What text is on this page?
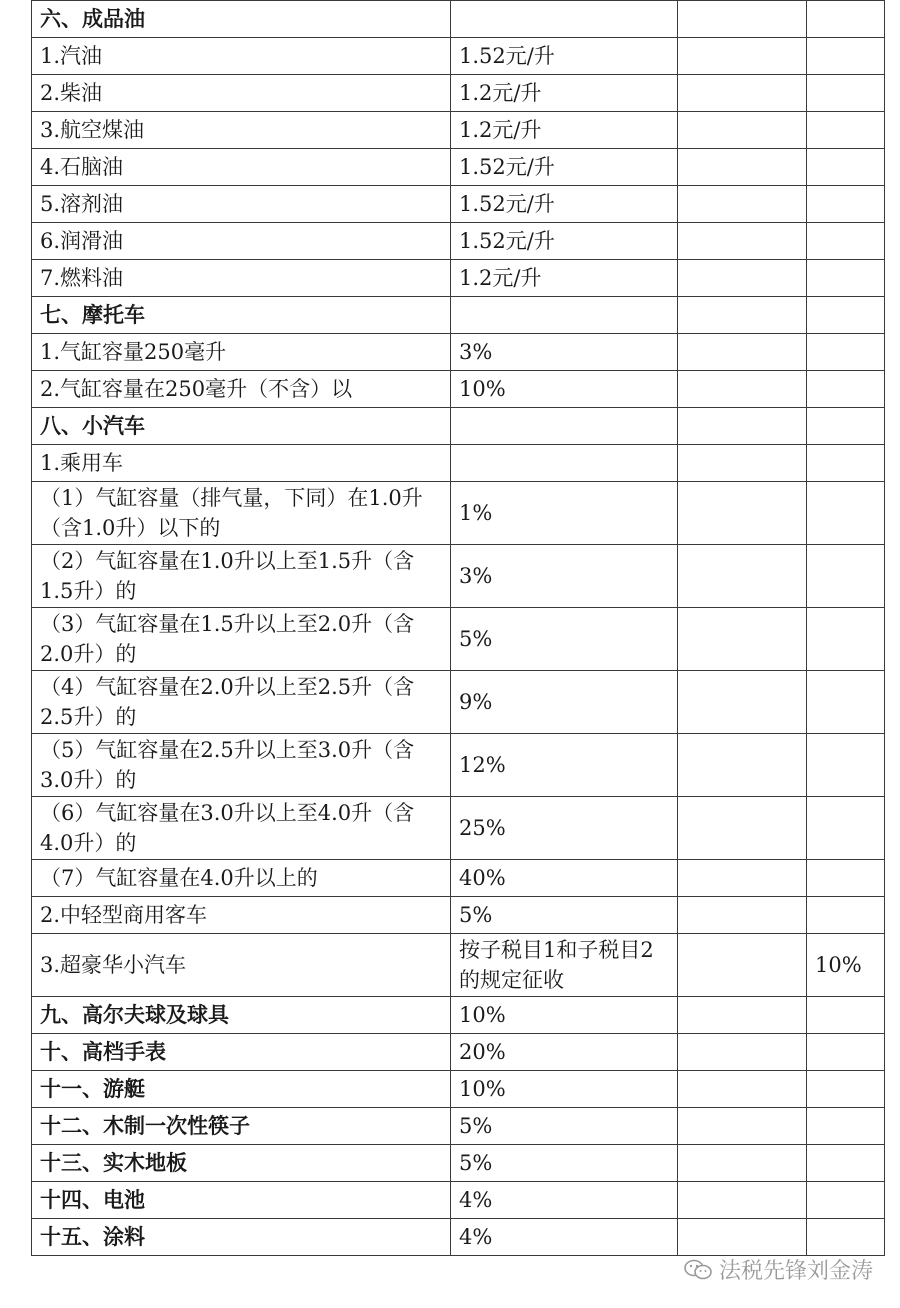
六、成品油			
1.汽油	1.52元/升		
2.柴油	1.2元/升		
3.航空煤油	1.2元/升		
4.石脑油	1.52元/升		
5.溶剂油	1.52元/升		
6.润滑油	1.52元/升		
7.燃料油	1.2元/升		
七、摩托车			
1.气缸容量250毫升	3%		
2.气缸容量在250毫升（不含）以	10%		
八、小汽车			
1.乘用车			
（1）气缸容量（排气量，下同）在1.0升（含1.0升）以下的	1%		
（2）气缸容量在1.0升以上至1.5升（含1.5升）的	3%		
（3）气缸容量在1.5升以上至2.0升（含2.0升）的	5%		
（4）气缸容量在2.0升以上至2.5升（含2.5升）的	9%		
（5）气缸容量在2.5升以上至3.0升（含3.0升）的	12%		
（6）气缸容量在3.0升以上至4.0升（含4.0升）的	25%		
（7）气缸容量在4.0升以上的	40%		
2.中轻型商用客车	5%		
3.超豪华小汽车	按子税目1和子税目2的规定征收		10%
九、高尔夫球及球具	10%		
十、高档手表	20%		
十一、游艇	10%		
十二、木制一次性筷子	5%		
十三、实木地板	5%		
十四、电池	4%		
十五、涂料	4%		
法税先锋刘金涛
